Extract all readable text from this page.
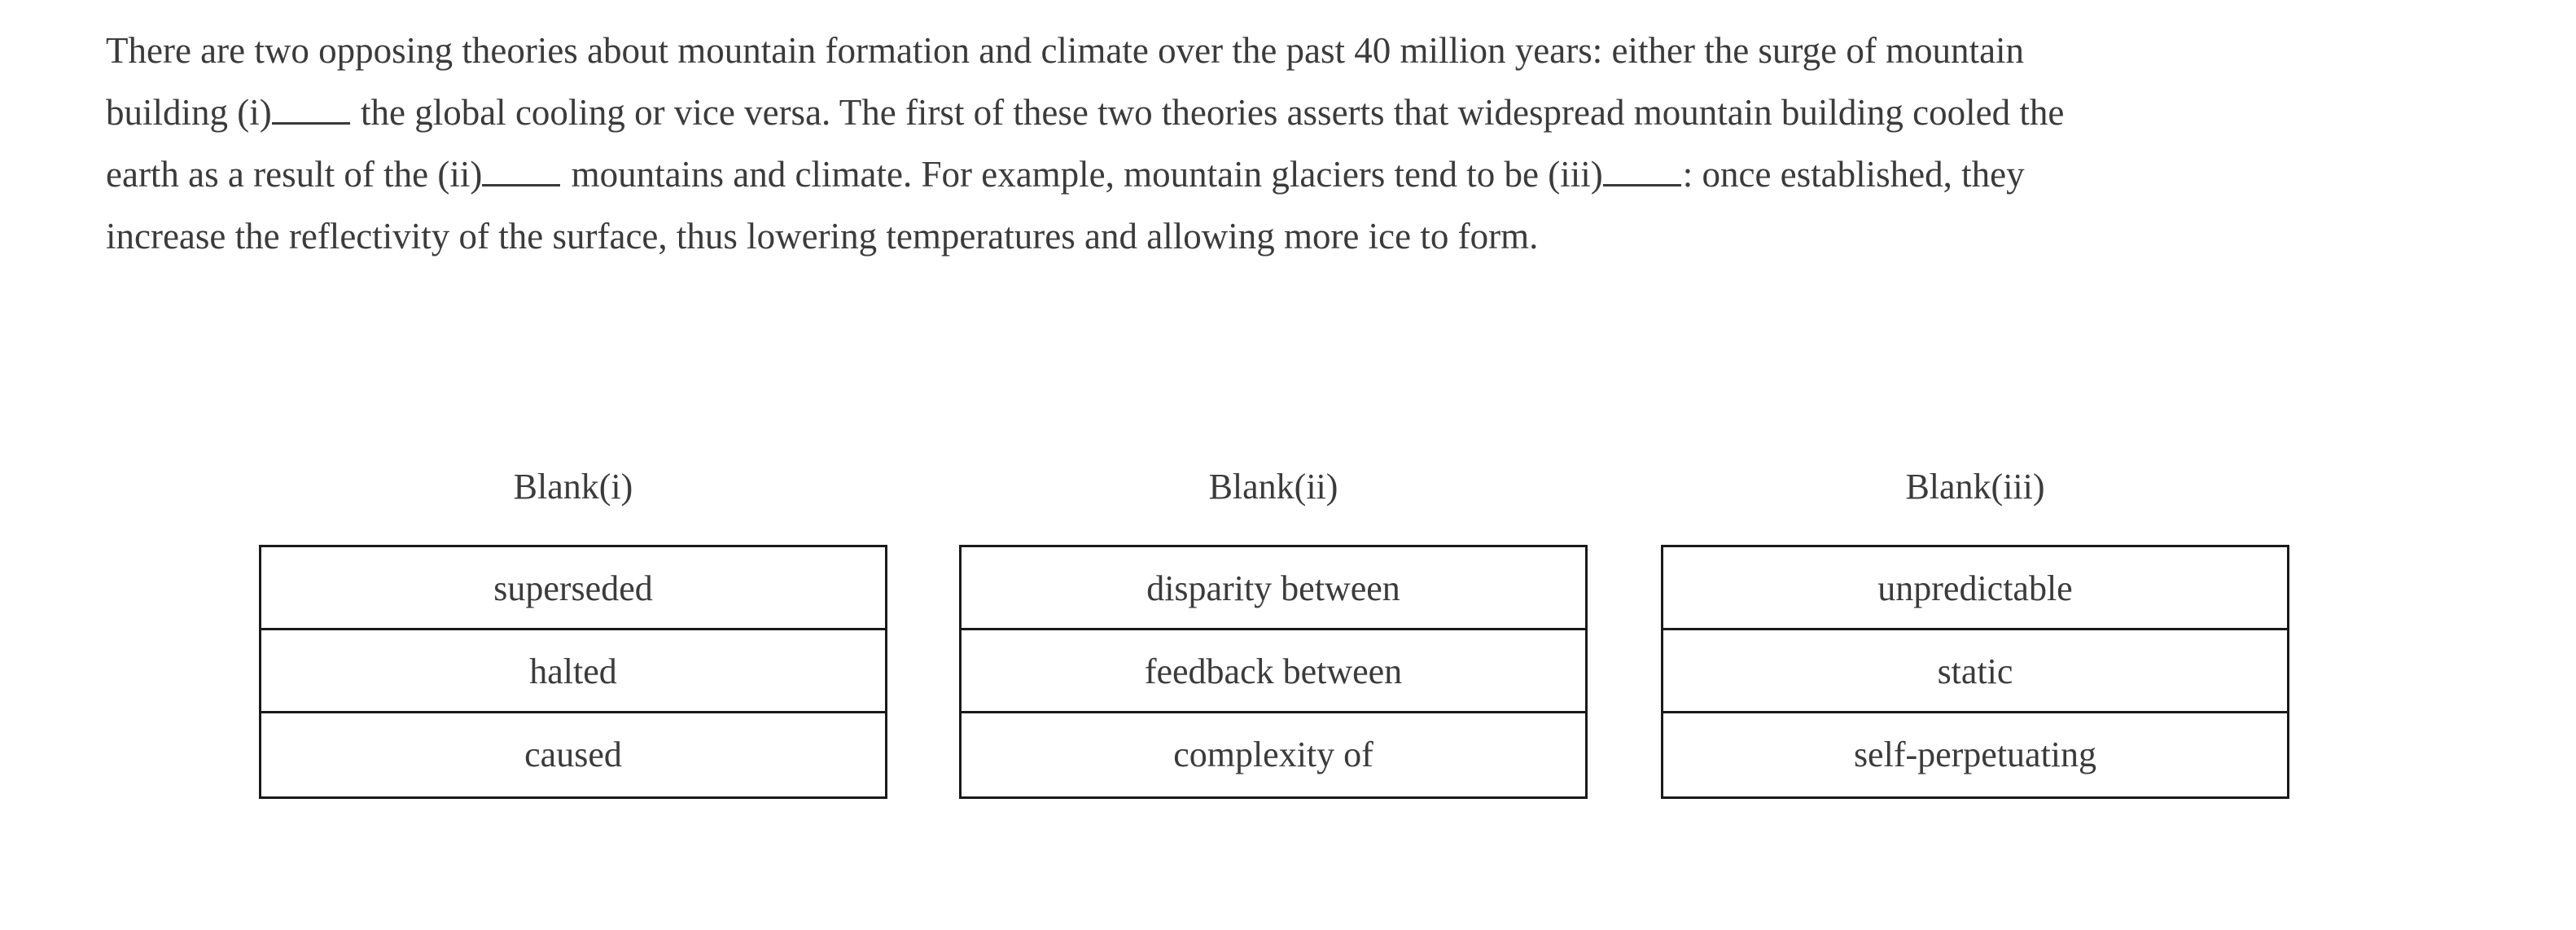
There are two opposing theories about mountain formation and climate over the past 40 million years: either the surge of mountain
building (i) the global cooling or vice versa. The first of these two theories asserts that widespread mountain building cooled the
earth as a result of the (ii) mountains and climate. For example, mountain glaciers tend to be (iii) : once established, they
increase the reflectivity of the surface, thus lowering temperatures and allowing more ice to form.
Blank(i)
superseded
halted
caused
Blank(ii)
disparity between
feedback between
complexity of
Blank(iii)
unpredictable
static
self-perpetuating
